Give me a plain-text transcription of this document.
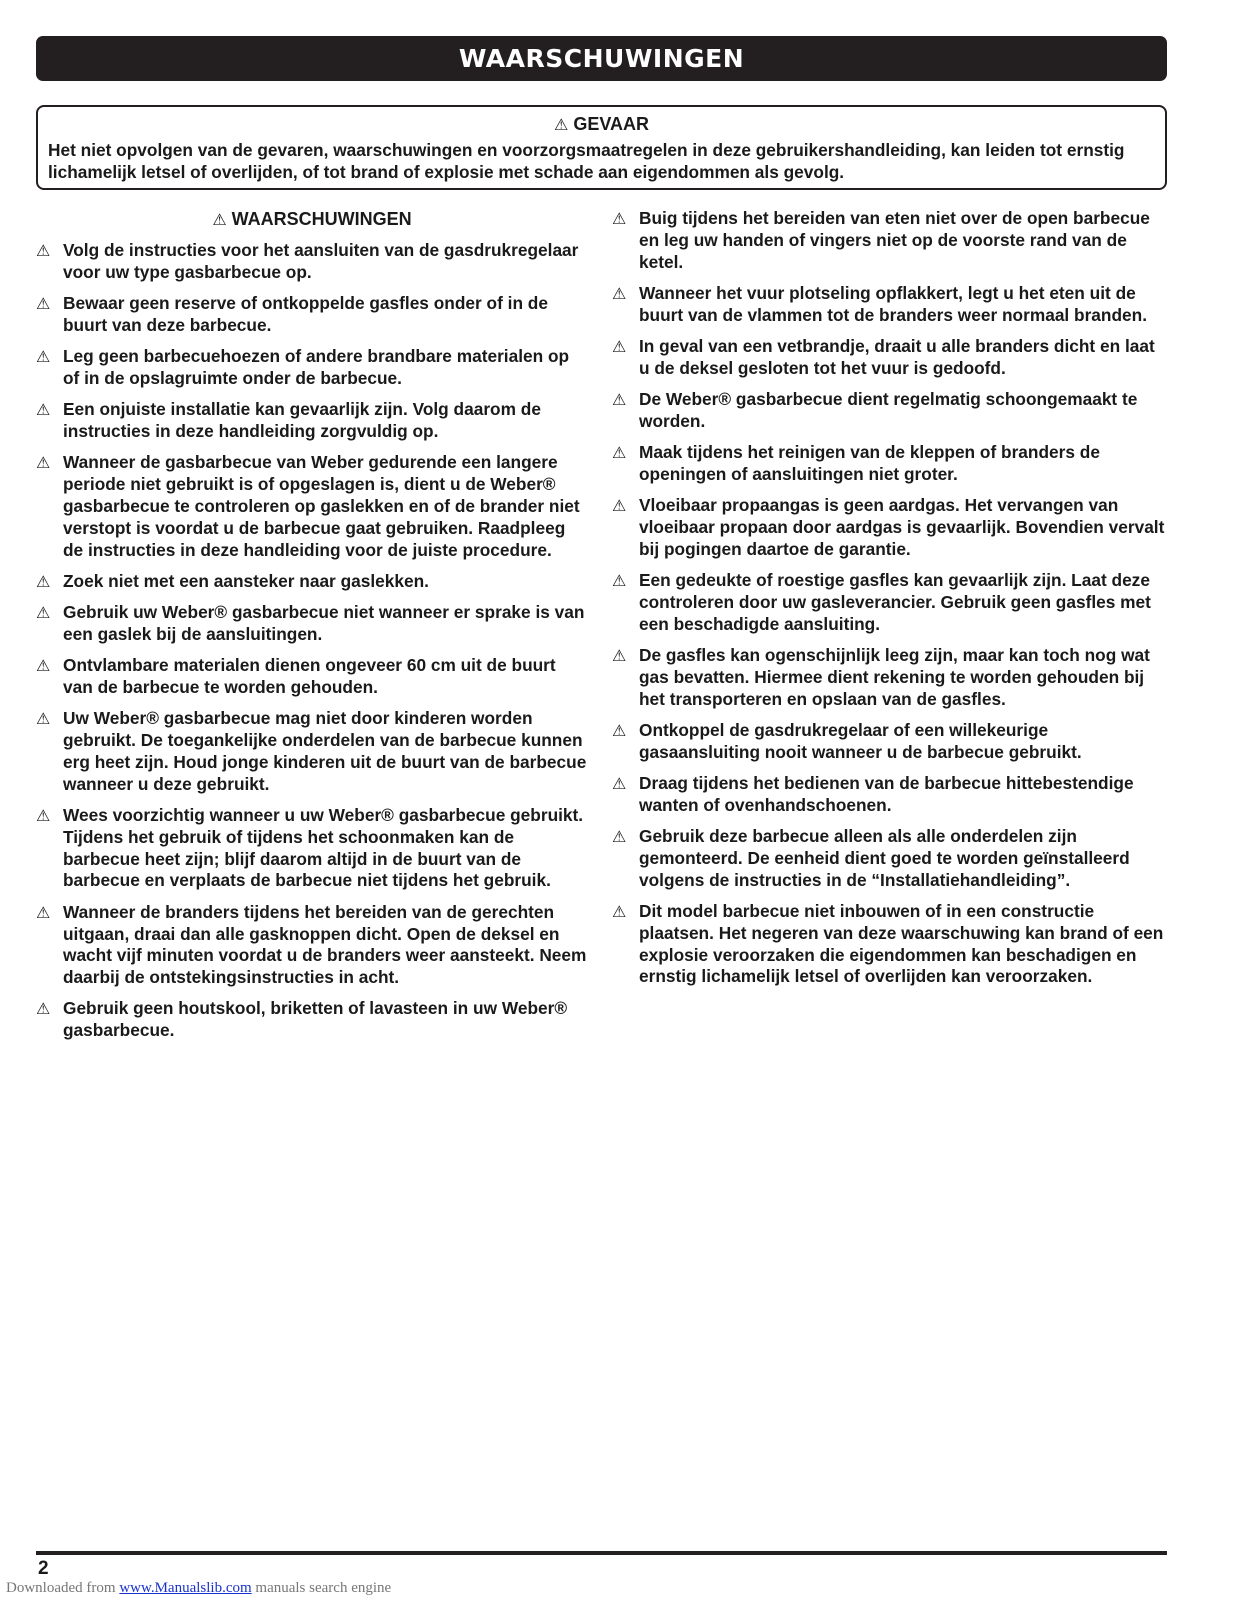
WAARSCHUWINGEN
⚠ GEVAAR
Het niet opvolgen van de gevaren, waarschuwingen en voorzorgsmaatregelen in deze gebruikershandleiding, kan leiden tot ernstig lichamelijk letsel of overlijden, of tot brand of explosie met schade aan eigendommen als gevolg.
⚠ WAARSCHUWINGEN
⚠ Volg de instructies voor het aansluiten van de gasdrukregelaar voor uw type gasbarbecue op.
⚠ Bewaar geen reserve of ontkoppelde gasfles onder of in de buurt van deze barbecue.
⚠ Leg geen barbecuehoezen of andere brandbare materialen op of in de opslagruimte onder de barbecue.
⚠ Een onjuiste installatie kan gevaarlijk zijn. Volg daarom de instructies in deze handleiding zorgvuldig op.
⚠ Wanneer de gasbarbecue van Weber gedurende een langere periode niet gebruikt is of opgeslagen is, dient u de Weber® gasbarbecue te controleren op gaslekken en of de brander niet verstopt is voordat u de barbecue gaat gebruiken. Raadpleeg de instructies in deze handleiding voor de juiste procedure.
⚠ Zoek niet met een aansteker naar gaslekken.
⚠ Gebruik uw Weber® gasbarbecue niet wanneer er sprake is van een gaslek bij de aansluitingen.
⚠ Ontvlambare materialen dienen ongeveer 60 cm uit de buurt van de barbecue te worden gehouden.
⚠ Uw Weber® gasbarbecue mag niet door kinderen worden gebruikt. De toegankelijke onderdelen van de barbecue kunnen erg heet zijn. Houd jonge kinderen uit de buurt van de barbecue wanneer u deze gebruikt.
⚠ Wees voorzichtig wanneer u uw Weber® gasbarbecue gebruikt. Tijdens het gebruik of tijdens het schoonmaken kan de barbecue heet zijn; blijf daarom altijd in de buurt van de barbecue en verplaats de barbecue niet tijdens het gebruik.
⚠ Wanneer de branders tijdens het bereiden van de gerechten uitgaan, draai dan alle gasknoppen dicht. Open de deksel en wacht vijf minuten voordat u de branders weer aansteekt. Neem daarbij de ontstekingsinstructies in acht.
⚠ Gebruik geen houtskool, briketten of lavasteen in uw Weber® gasbarbecue.
⚠ Buig tijdens het bereiden van eten niet over de open barbecue en leg uw handen of vingers niet op de voorste rand van de ketel.
⚠ Wanneer het vuur plotseling opflakkert, legt u het eten uit de buurt van de vlammen tot de branders weer normaal branden.
⚠ In geval van een vetbrandje, draait u alle branders dicht en laat u de deksel gesloten tot het vuur is gedoofd.
⚠ De Weber® gasbarbecue dient regelmatig schoongemaakt te worden.
⚠ Maak tijdens het reinigen van de kleppen of branders de openingen of aansluitingen niet groter.
⚠ Vloeibaar propaangas is geen aardgas. Het vervangen van vloeibaar propaan door aardgas is gevaarlijk. Bovendien vervalt bij pogingen daartoe de garantie.
⚠ Een gedeukte of roestige gasfles kan gevaarlijk zijn. Laat deze controleren door uw gasleverancier. Gebruik geen gasfles met een beschadigde aansluiting.
⚠ De gasfles kan ogenschijnlijk leeg zijn, maar kan toch nog wat gas bevatten. Hiermee dient rekening te worden gehouden bij het transporteren en opslaan van de gasfles.
⚠ Ontkoppel de gasdrukregelaar of een willekeurige gasaansluiting nooit wanneer u de barbecue gebruikt.
⚠ Draag tijdens het bedienen van de barbecue hittebestendige wanten of ovenhandschoenen.
⚠ Gebruik deze barbecue alleen als alle onderdelen zijn gemonteerd. De eenheid dient goed te worden geïnstalleerd volgens de instructies in de “Installatiehandleiding”.
⚠ Dit model barbecue niet inbouwen of in een constructie plaatsen. Het negeren van deze waarschuwing kan brand of een explosie veroorzaken die eigendommen kan beschadigen en ernstig lichamelijk letsel of overlijden kan veroorzaken.
2
Downloaded from www.Manualslib.com manuals search engine
